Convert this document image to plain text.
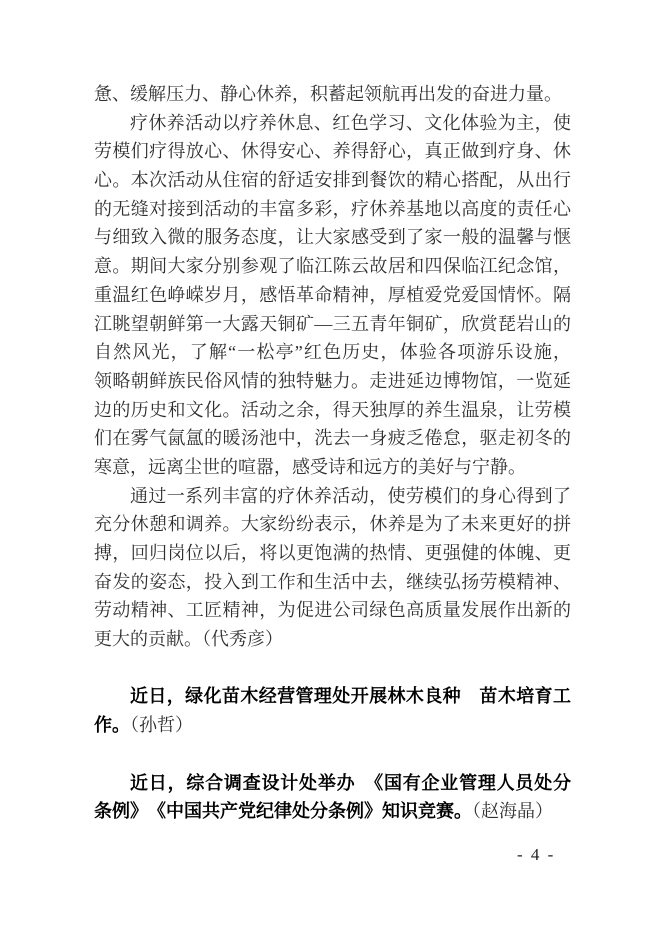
惫、缓解压力、静心休养，积蓄起领航再出发的奋进力量。
疗休养活动以疗养休息、红色学习、文化体验为主，使
劳模们疗得放心、休得安心、养得舒心，真正做到疗身、休
心。本次活动从住宿的舒适安排到餐饮的精心搭配，从出行
的无缝对接到活动的丰富多彩，疗休养基地以高度的责任心
与细致入微的服务态度，让大家感受到了家一般的温馨与惬
意。期间大家分别参观了临江陈云故居和四保临江纪念馆，
重温红色峥嵘岁月，感悟革命精神，厚植爱党爱国情怀。隔
江眺望朝鲜第一大露天铜矿—三五青年铜矿，欣赏琵岩山的
自然风光，了解“一松亭”红色历史，体验各项游乐设施，
领略朝鲜族民俗风情的独特魅力。走进延边博物馆，一览延
边的历史和文化。活动之余，得天独厚的养生温泉，让劳模
们在雾气氤氲的暖汤池中，洗去一身疲乏倦怠，驱走初冬的
寒意，远离尘世的喧嚣，感受诗和远方的美好与宁静。
通过一系列丰富的疗休养活动，使劳模们的身心得到了
充分休憩和调养。大家纷纷表示，休养是为了未来更好的拼
搏，回归岗位以后，将以更饱满的热情、更强健的体魄、更
奋发的姿态，投入到工作和生活中去，继续弘扬劳模精神、
劳动精神、工匠精神，为促进公司绿色高质量发展作出新的
更大的贡献。（代秀彦）
近日，绿化苗木经营管理处开展林木良种　苗木培育工
作。（孙哲）
近日，综合调查设计处举办　《国有企业管理人员处分
条例》　《中国共产党纪律处分条例》知识竞赛。（赵海晶）
- 4 -
